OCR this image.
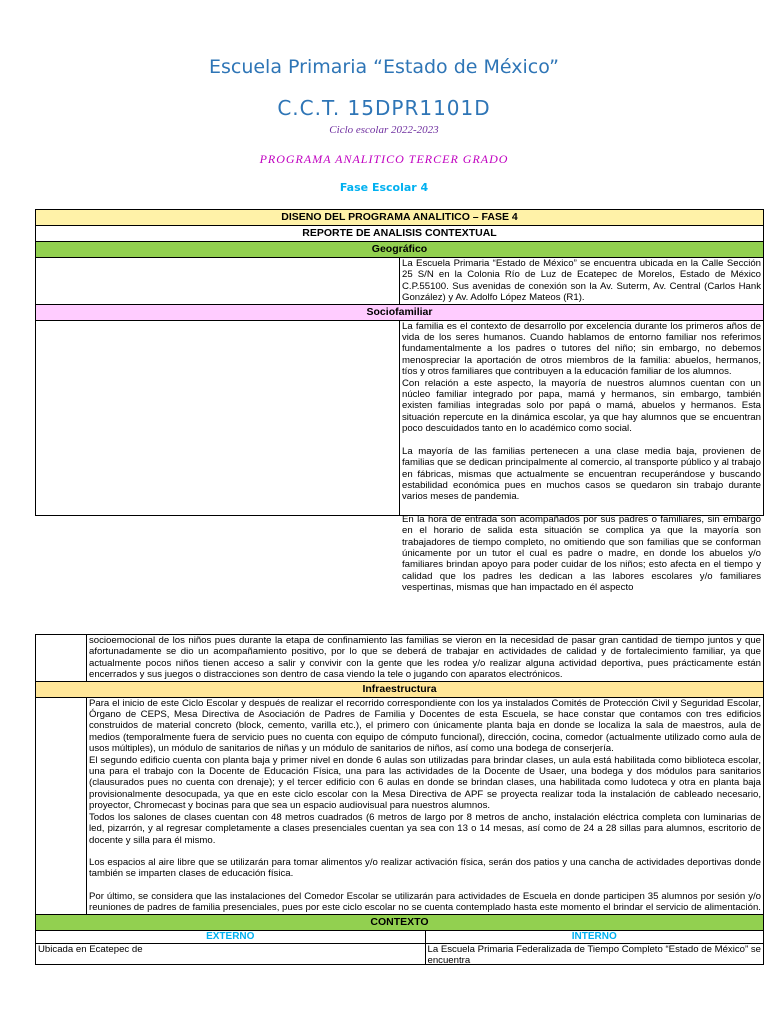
Escuela Primaria “Estado de México”
C.C.T. 15DPR1101D
Ciclo escolar 2022-2023
PROGRAMA ANALITICO TERCER GRADO
Fase Escolar 4
DISENO DEL PROGRAMA ANALITICO – FASE 4	
REPORTE DE ANALISIS CONTEXTUAL	
Geográfico	

	La Escuela Primaria “Estado de México” se encuentra ubicada en la Calle Sección 25 S/N en la Colonia Río de Luz de Ecatepec de Morelos, Estado de México C.P.55100. Sus avenidas de conexión son la Av. Suterm, Av. Central (Carlos Hank González) y Av. Adolfo López Mateos (R1).

Sociofamiliar	

	La familia es el contexto de desarrollo por excelencia durante los primeros años de vida de los seres humanos. Cuando hablamos de entorno familiar nos referimos fundamentalmente a los padres o tutores del niño; sin embargo, no debemos menospreciar la aportación de otros miembros de la familia: abuelos, hermanos, tíos y otros familiares que contribuyen a la educación familiar de los alumnos.

Con relación a este aspecto, la mayoría de nuestros alumnos cuentan con un núcleo familiar integrado por papa, mamá y hermanos, sin embargo, también existen familias integradas solo por papá o mamá, abuelos y hermanos. Esta situación repercute en la dinámica escolar, ya que hay alumnos que se encuentran poco descuidados tanto en lo académico como social.

La mayoría de las familias pertenecen a una clase media baja, provienen de familias que se dedican principalmente al comercio, al transporte público y al trabajo en fábricas, mismas que actualmente se encuentran recuperándose y buscando estabilidad económica pues en muchos casos se quedaron sin trabajo durante varios meses de pandemia.

En la hora de entrada son acompañados por sus padres o familiares, sin embargo en el horario de salida esta situación se complica ya que la mayoría son trabajadores de tiempo completo, no omitiendo que son familias que se conforman únicamente por un tutor el cual es padre o madre, en donde los abuelos y/o familiares brindan apoyo para poder cuidar de los niños; esto afecta en el tiempo y calidad que los padres les dedican a las labores escolares y/o familiares vespertinas, mismas que han impactado en él aspecto

	socioemocional de los niños pues durante la etapa de confinamiento las familias se vieron en la necesidad de pasar gran cantidad de tiempo juntos y que afortunadamente se dio un acompañamiento positivo, por lo que se deberá de trabajar en actividades de calidad y de fortalecimiento familiar, ya que actualmente pocos niños tienen acceso a salir y convivir con la gente que les rodea y/o realizar alguna actividad deportiva, pues prácticamente están encerrados y sus juegos o distracciones son dentro de casa viendo la tele o jugando con aparatos electrónicos.	

Infraestructura		

	Para el inicio de este Ciclo Escolar y después de realizar el recorrido correspondiente con los ya instalados Comités de Protección Civil y Seguridad Escolar, Órgano de CEPS, Mesa Directiva de Asociación de Padres de Familia y Docentes de esta Escuela, se hace constar que contamos con tres edificios construidos de material concreto (block, cemento, varilla etc.), el primero con únicamente planta baja en donde se localiza la sala de maestros, aula de medios (temporalmente fuera de servicio pues no cuenta con equipo de cómputo funcional), dirección, cocina, comedor (actualmente utilizado como aula de usos múltiples), un módulo de sanitarios de niñas y un módulo de sanitarios de niños, así como una bodega de conserjería.

El segundo edificio cuenta con planta baja y primer nivel en donde 6 aulas son utilizadas para brindar clases, un aula está habilitada como biblioteca escolar, una para el trabajo con la Docente de Educación Física, una para las actividades de la Docente de Usaer, una bodega y dos módulos para sanitarios (clausurados pues no cuenta con drenaje); y el tercer edificio con 6 aulas en donde se brindan clases, una habilitada como ludoteca y otra en planta baja provisionalmente desocupada, ya que en este ciclo escolar con la Mesa Directiva de APF se proyecta realizar toda la instalación de cableado necesario, proyector, Chromecast y bocinas para que sea un espacio audiovisual para nuestros alumnos.

Todos los salones de clases cuentan con 48 metros cuadrados (6 metros de largo por 8 metros de ancho, instalación eléctrica completa con luminarias de led, pizarrón, y al regresar completamente a clases presenciales cuentan ya sea con 13 o 14 mesas, así como de 24 a 28 sillas para alumnos, escritorio de docente y silla para él mismo.

Los espacios al aire libre que se utilizarán para tomar alimentos y/o realizar activación física, serán dos patios y una cancha de actividades deportivas donde también se imparten clases de educación física.

Por último, se considera que las instalaciones del Comedor Escolar se utilizarán para actividades de Escuela en donde participen 35 alumnos por sesión y/o reuniones de padres de familia presenciales, pues por este ciclo escolar no se cuenta contemplado hasta este momento el brindar el servicio de alimentación.	

CONTEXTO		
EXTERNO		INTERNO

Ubicada en Ecatepec de		La Escuela Primaria Federalizada de Tiempo Completo “Estado de México” se encuentra
